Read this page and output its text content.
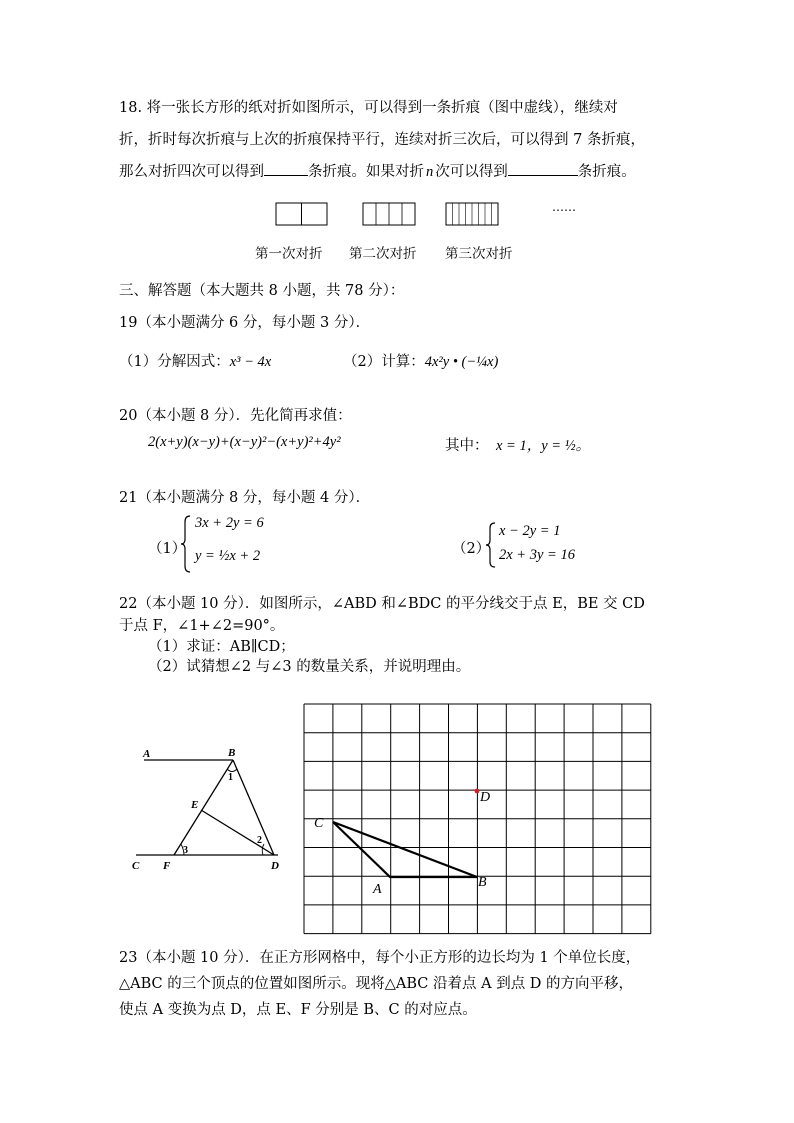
18. 将一张长方形的纸对折如图所示，可以得到一条折痕（图中虚线），继续对
折，折时每次折痕与上次的折痕保持平行，连续对折三次后，可以得到 7 条折痕，
那么对折四次可以得到	条折痕。如果对折 n 次可以得到	条折痕。
……
第一次对折 第二次对折 第三次对折
三、解答题（本大题共 8 小题，共 78 分）：
19（本小题满分 6 分，每小题 3 分）．
（1）分解因式：x³ − 4x	（2）计算：4x²y • (−¼x)
20（本小题 8 分）．先化简再求值：
2(x+y)(x−y)+(x−y)²−(x+y)²+4y²	其中： x = 1，y = ½。
21（本小题满分 8 分，每小题 4 分）．
（1）
3x + 2y = 6
y = ½x + 2	（2）
x − 2y = 1
2x + 3y = 16
22（本小题 10 分）．如图所示，∠ABD 和∠BDC 的平分线交于点 E，BE 交 CD
于点 F，∠1+∠2=90°。
（1）求证：AB∥CD；
（2）试猜想∠2 与∠3 的数量关系，并说明理由。
A	B
C	D
E
F
1
2
3
C
A	B
D
23（本小题 10 分）．在正方形网格中，每个小正方形的边长均为 1 个单位长度，
△ABC 的三个顶点的位置如图所示。现将△ABC 沿着点 A 到点 D 的方向平移，
使点 A 变换为点 D，点 E、F 分别是 B、C 的对应点。
